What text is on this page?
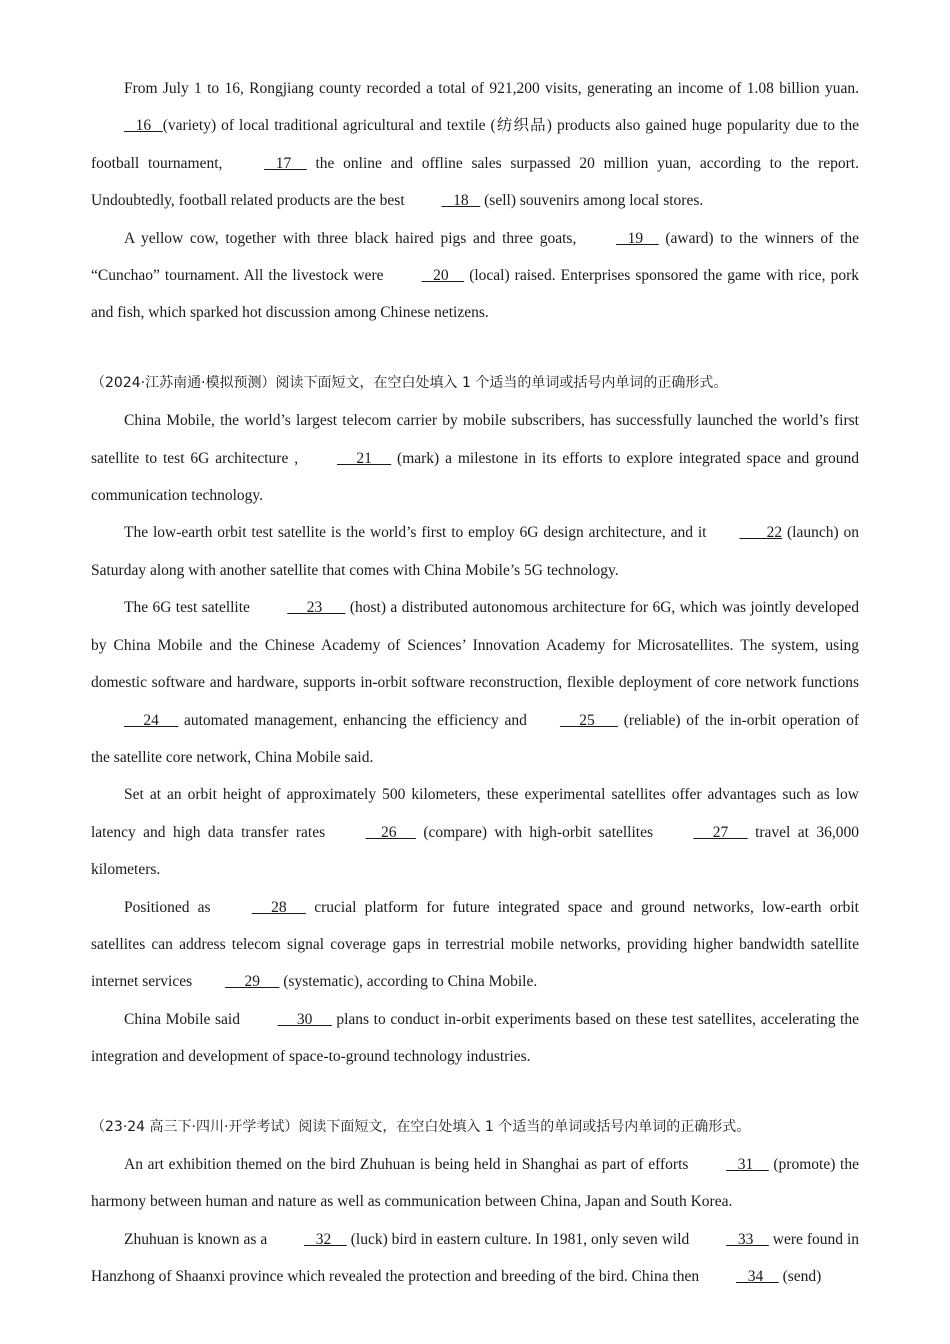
From July 1 to 16, Rongjiang county recorded a total of 921,200 visits, generating an income of 1.08 billion yuan.    16   (variety) of local traditional agricultural and textile (纺织品) products also gained huge popularity due to the football tournament,    17     the online and offline sales surpassed 20 million yuan, according to the report. Undoubtedly, football related products are the best    18    (sell) souvenirs among local stores.

A yellow cow, together with three black haired pigs and three goats,    19     (award) to the winners of the “Cunchao” tournament. All the livestock were    20     (local) raised. Enterprises sponsored the game with rice, pork and fish, which sparked hot discussion among Chinese netizens.

（2024·江苏南通·模拟预测）阅读下面短文，在空白处填入 1 个适当的单词或括号内单词的正确形式。

China Mobile, the world’s largest telecom carrier by mobile subscribers, has successfully launched the world’s first satellite to test 6G architecture ,      21      (mark) a milestone in its efforts to explore integrated space and ground communication technology.

The low-earth orbit test satellite is the world’s first to employ 6G design architecture, and it       22 (launch) on Saturday along with another satellite that comes with China Mobile’s 5G technology.

The 6G test satellite      23       (host) a distributed autonomous architecture for 6G, which was jointly developed by China Mobile and the Chinese Academy of Sciences’ Innovation Academy for Microsatellites. The system, using domestic software and hardware, supports in-orbit software reconstruction, flexible deployment of core network functions     24      automated management, enhancing the efficiency and     25       (reliable) of the in-orbit operation of the satellite core network, China Mobile said.

Set at an orbit height of approximately 500 kilometers, these experimental satellites offer advantages such as low latency and high data transfer rates     26      (compare) with high-orbit satellites      27      travel at 36,000 kilometers.

Positioned as      28      crucial platform for future integrated space and ground networks, low-earth orbit satellites can address telecom signal coverage gaps in terrestrial mobile networks, providing higher bandwidth satellite internet services     29      (systematic), according to China Mobile.

China Mobile said      30      plans to conduct in-orbit experiments based on these test satellites, accelerating the integration and development of space-to-ground technology industries.

（23·24 高三下·四川·开学考试）阅读下面短文，在空白处填入 1 个适当的单词或括号内单词的正确形式。

An art exhibition themed on the bird Zhuhuan is being held in Shanghai as part of efforts    31     (promote) the harmony between human and nature as well as communication between China, Japan and South Korea.

Zhuhuan is known as a    32     (luck) bird in eastern culture. In 1981, only seven wild    33     were found in Hanzhong of Shaanxi province which revealed the protection and breeding of the bird. China then    34     (send)
